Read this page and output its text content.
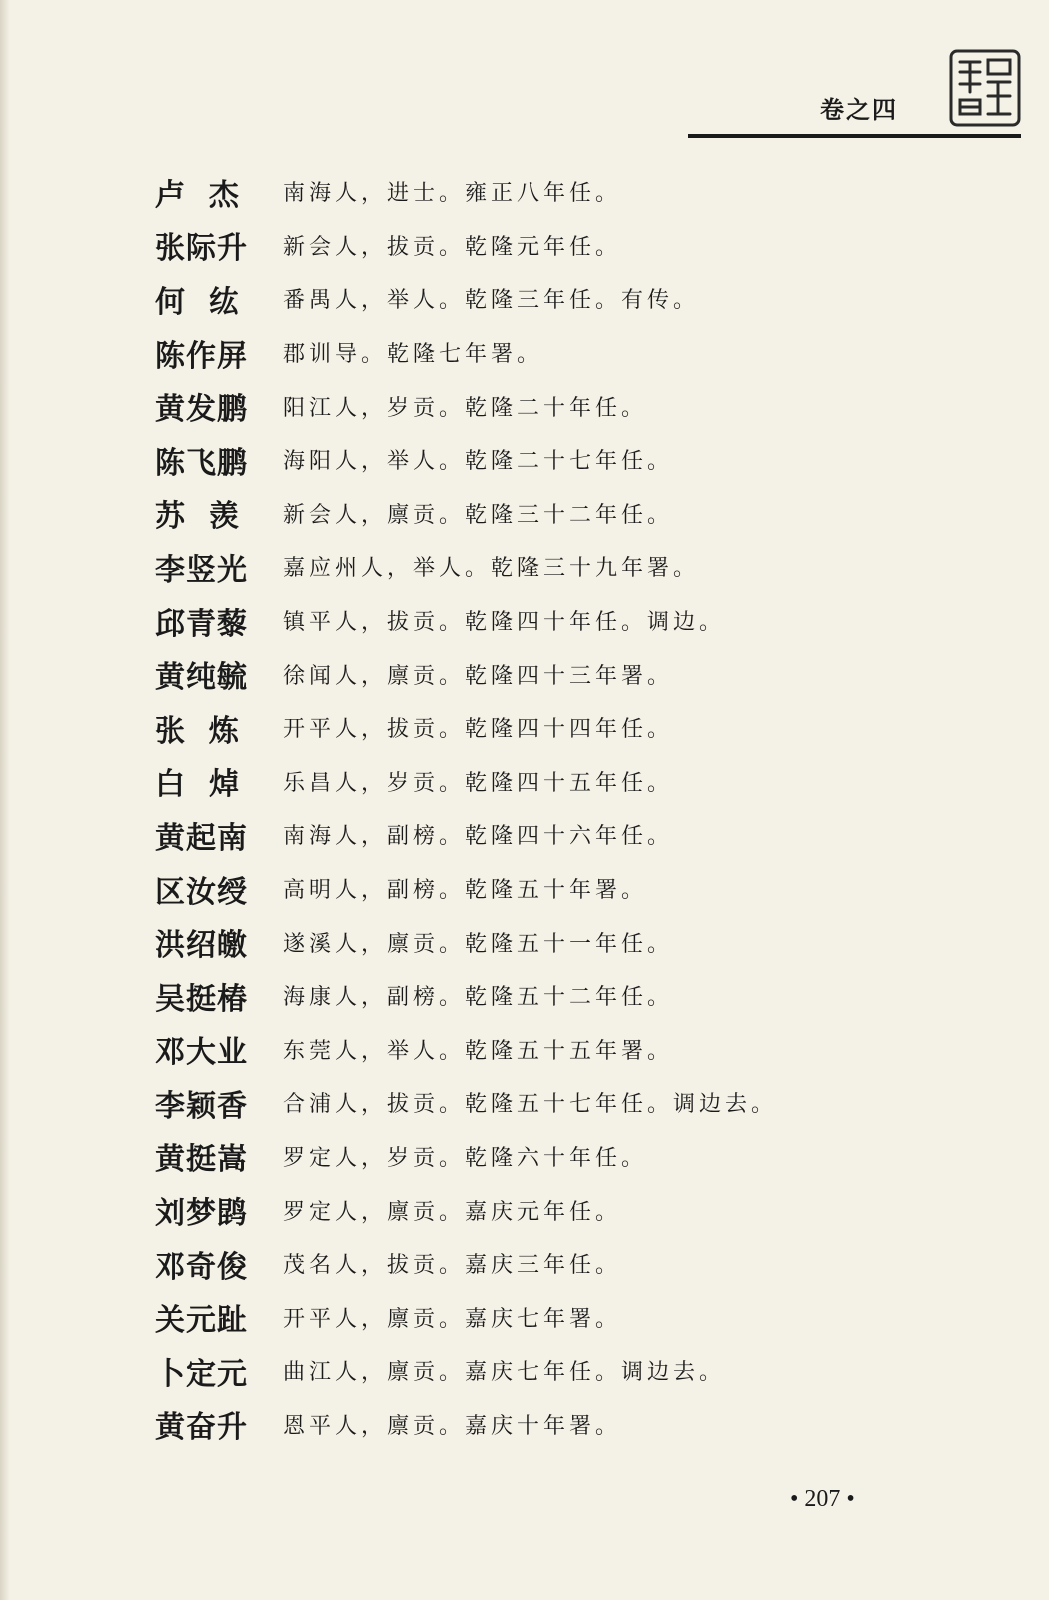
卷之四
卢  杰	南海人，进士。雍正八年任。
张际升	新会人，拔贡。乾隆元年任。
何  纮	番禺人，举人。乾隆三年任。有传。
陈作屏	郡训导。乾隆七年署。
黄发鹏	阳江人，岁贡。乾隆二十年任。
陈飞鹏	海阳人，举人。乾隆二十七年任。
苏  羡	新会人，廪贡。乾隆三十二年任。
李竖光	嘉应州人，举人。乾隆三十九年署。
邱青藜	镇平人，拔贡。乾隆四十年任。调边。
黄纯毓	徐闻人，廪贡。乾隆四十三年署。
张  炼	开平人，拔贡。乾隆四十四年任。
白  焯	乐昌人，岁贡。乾隆四十五年任。
黄起南	南海人，副榜。乾隆四十六年任。
区汝绶	高明人，副榜。乾隆五十年署。
洪绍皦	遂溪人，廪贡。乾隆五十一年任。
吴挺椿	海康人，副榜。乾隆五十二年任。
邓大业	东莞人，举人。乾隆五十五年署。
李颖香	合浦人，拔贡。乾隆五十七年任。调边去。
黄挺嵩	罗定人，岁贡。乾隆六十年任。
刘梦鹍	罗定人，廪贡。嘉庆元年任。
邓奇俊	茂名人，拔贡。嘉庆三年任。
关元趾	开平人，廪贡。嘉庆七年署。
卜定元	曲江人，廪贡。嘉庆七年任。调边去。
黄奋升	恩平人，廪贡。嘉庆十年署。
• 207 •
